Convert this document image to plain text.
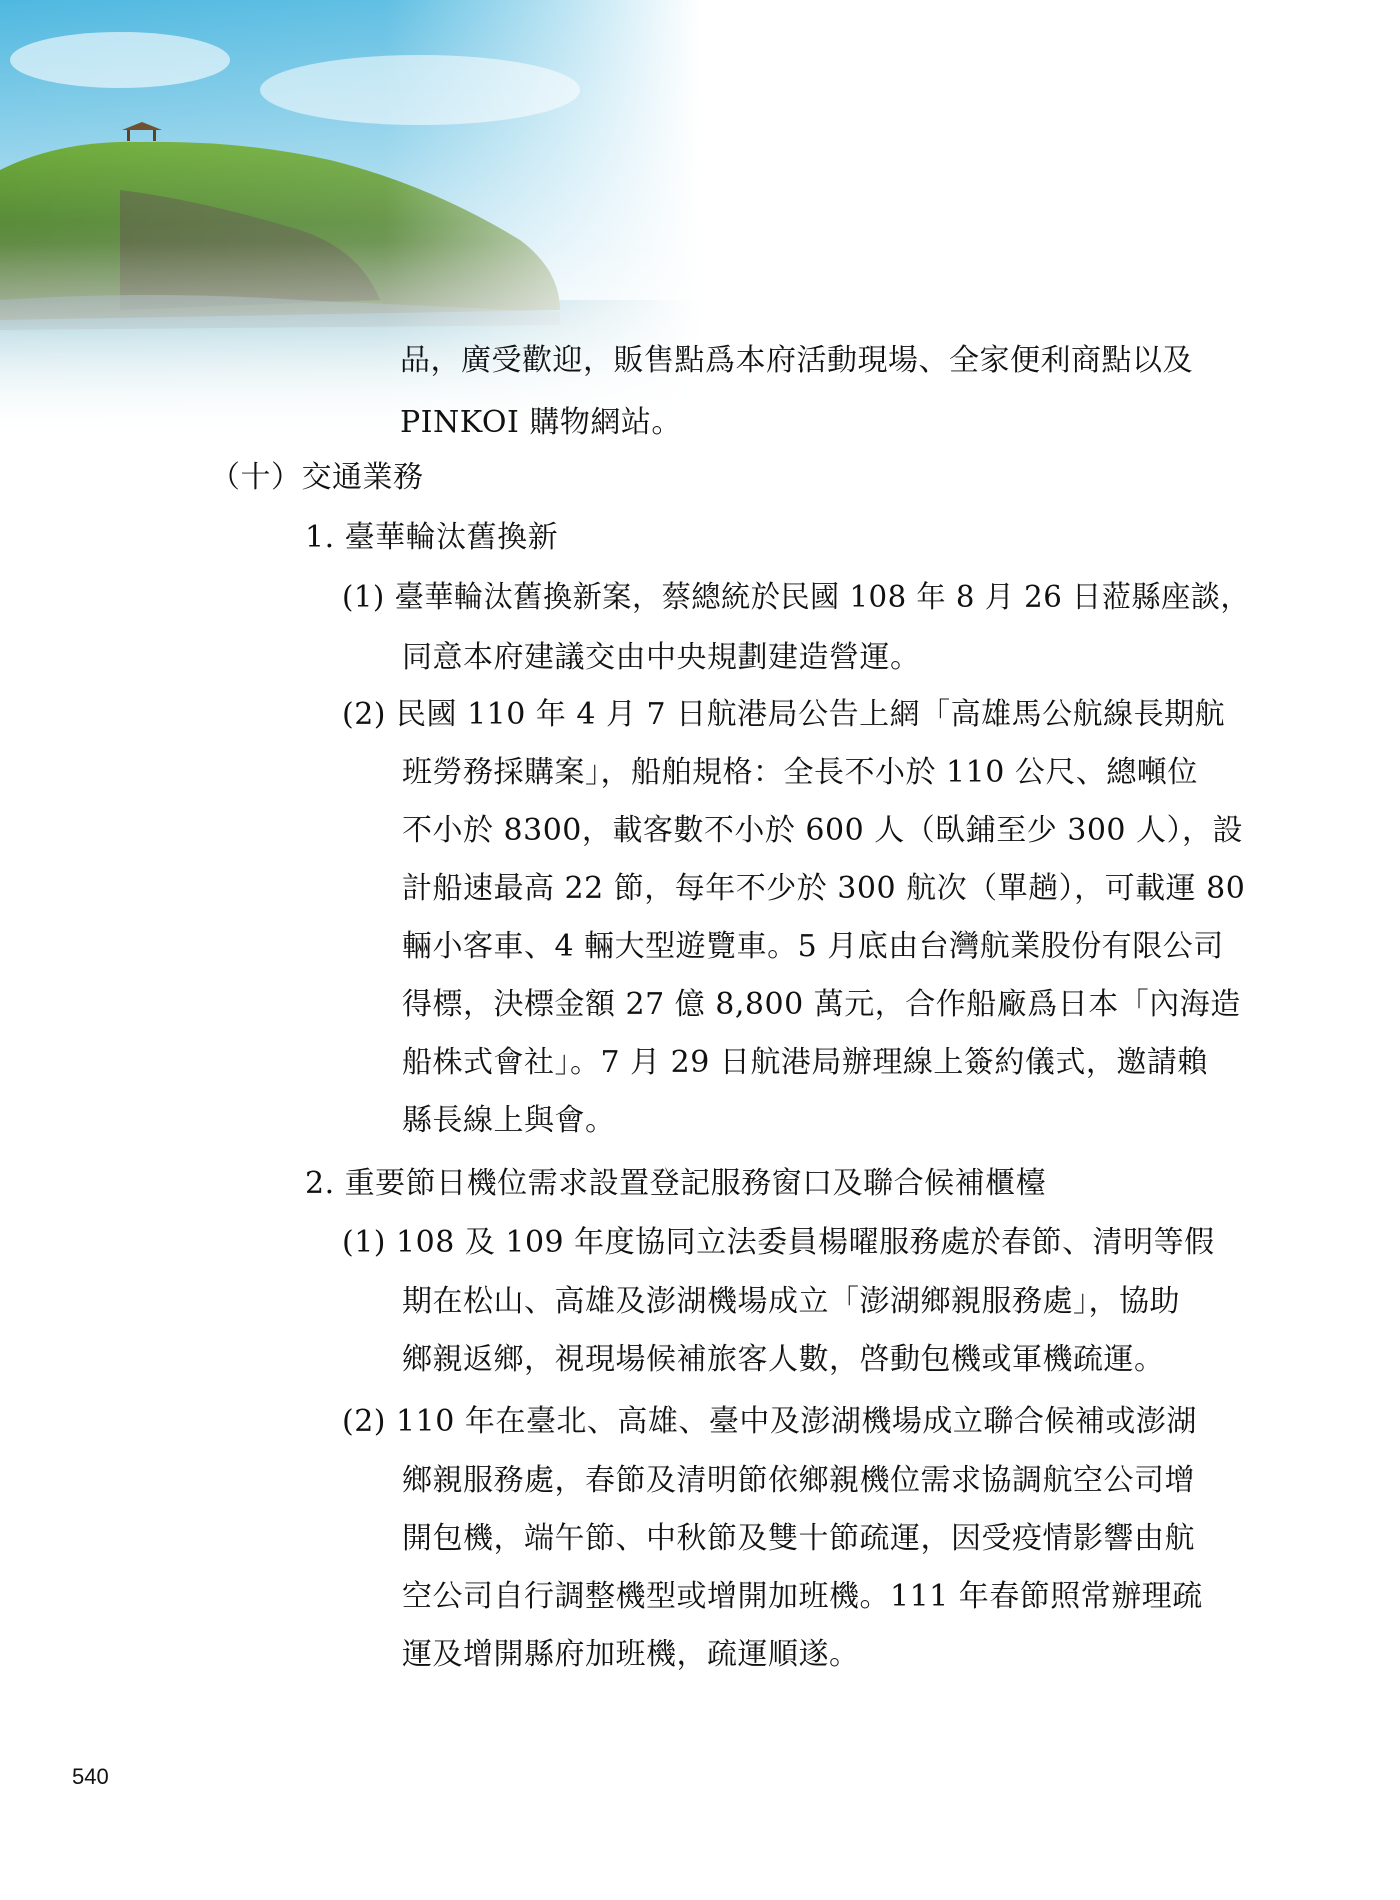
品，廣受歡迎，販售點爲本府活動現場、全家便利商點以及
PINKOI 購物網站。
（十）交通業務
1. 臺華輪汰舊換新
(1) 臺華輪汰舊換新案，蔡總統於民國 108 年 8 月 26 日蒞縣座談，
同意本府建議交由中央規劃建造營運。
(2) 民國 110 年 4 月 7 日航港局公告上網「高雄馬公航線長期航
班勞務採購案」，船舶規格：全長不小於 110 公尺、總噸位
不小於 8300，載客數不小於 600 人（臥鋪至少 300 人），設
計船速最高 22 節，每年不少於 300 航次（單趟），可載運 80
輛小客車、4 輛大型遊覽車。5 月底由台灣航業股份有限公司
得標，決標金額 27 億 8,800 萬元，合作船廠爲日本「內海造
船株式會社」。7 月 29 日航港局辦理線上簽約儀式，邀請賴
縣長線上與會。
2. 重要節日機位需求設置登記服務窗口及聯合候補櫃檯
(1) 108 及 109 年度協同立法委員楊曜服務處於春節、清明等假
期在松山、高雄及澎湖機場成立「澎湖鄉親服務處」，協助
鄉親返鄉，視現場候補旅客人數，啓動包機或軍機疏運。
(2) 110 年在臺北、高雄、臺中及澎湖機場成立聯合候補或澎湖
鄉親服務處，春節及清明節依鄉親機位需求協調航空公司增
開包機，端午節、中秋節及雙十節疏運，因受疫情影響由航
空公司自行調整機型或增開加班機。111 年春節照常辦理疏
運及增開縣府加班機，疏運順遂。
540
